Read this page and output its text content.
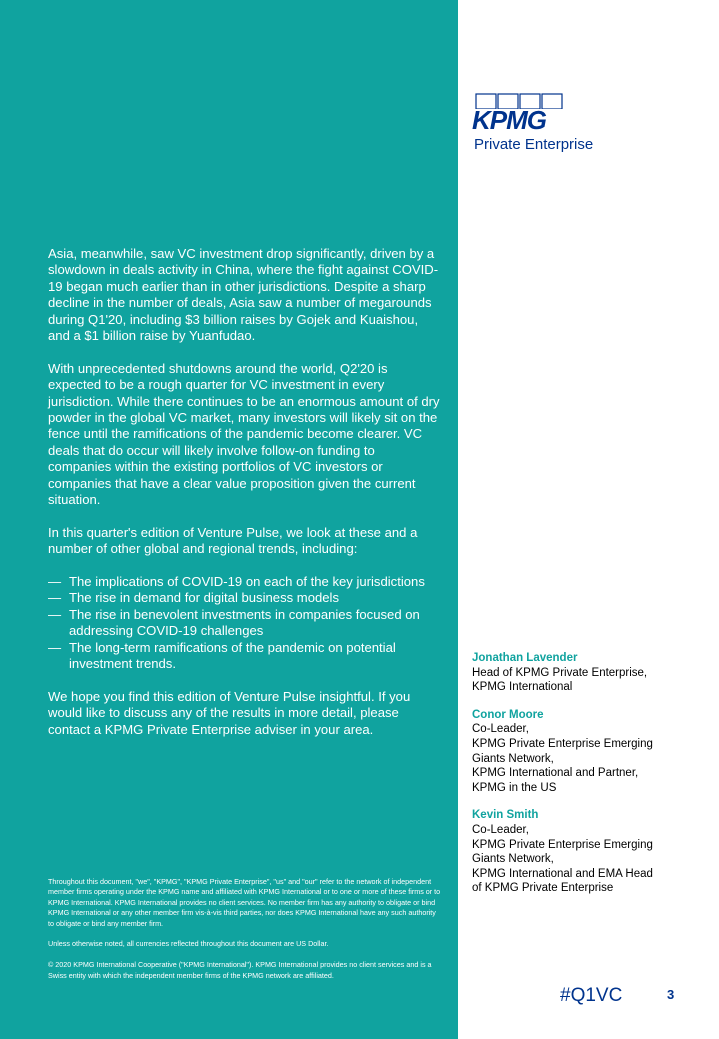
Asia, meanwhile, saw VC investment drop significantly, driven by a slowdown in deals activity in China, where the fight against COVID-19 began much earlier than in other jurisdictions. Despite a sharp decline in the number of deals, Asia saw a number of megarounds during Q1'20, including $3 billion raises by Gojek and Kuaishou, and a $1 billion raise by Yuanfudao.

With unprecedented shutdowns around the world, Q2'20 is expected to be a rough quarter for VC investment in every jurisdiction. While there continues to be an enormous amount of dry powder in the global VC market, many investors will likely sit on the fence until the ramifications of the pandemic become clearer. VC deals that do occur will likely involve follow-on funding to companies within the existing portfolios of VC investors or companies that have a clear value proposition given the current situation.

In this quarter's edition of Venture Pulse, we look at these and a number of other global and regional trends, including:

— The implications of COVID-19 on each of the key jurisdictions
— The rise in demand for digital business models
— The rise in benevolent investments in companies focused on addressing COVID-19 challenges
— The long-term ramifications of the pandemic on potential investment trends.

We hope you find this edition of Venture Pulse insightful. If you would like to discuss any of the results in more detail, please contact a KPMG Private Enterprise adviser in your area.

Throughout this document, "we", "KPMG", "KPMG Private Enterprise", "us" and "our" refer to the network of independent member firms operating under the KPMG name and affiliated with KPMG International or to one or more of these firms or to KPMG International. KPMG International provides no client services. No member firm has any authority to obligate or bind KPMG International or any other member firm vis-à-vis third parties, nor does KPMG International have any such authority to obligate or bind any member firm.

Unless otherwise noted, all currencies reflected throughout this document are US Dollar.

© 2020 KPMG International Cooperative ("KPMG International"). KPMG International provides no client services and is a Swiss entity with which the independent member firms of the KPMG network are affiliated.

KPMG
Private Enterprise
Jonathan Lavender
Head of KPMG Private Enterprise,
KPMG International
Conor Moore
Co-Leader,
KPMG Private Enterprise Emerging
Giants Network,
KPMG International and Partner,
KPMG in the US
Kevin Smith
Co-Leader,
KPMG Private Enterprise Emerging
Giants Network,
KPMG International and EMA Head
of KPMG Private Enterprise
#Q1VC	3
